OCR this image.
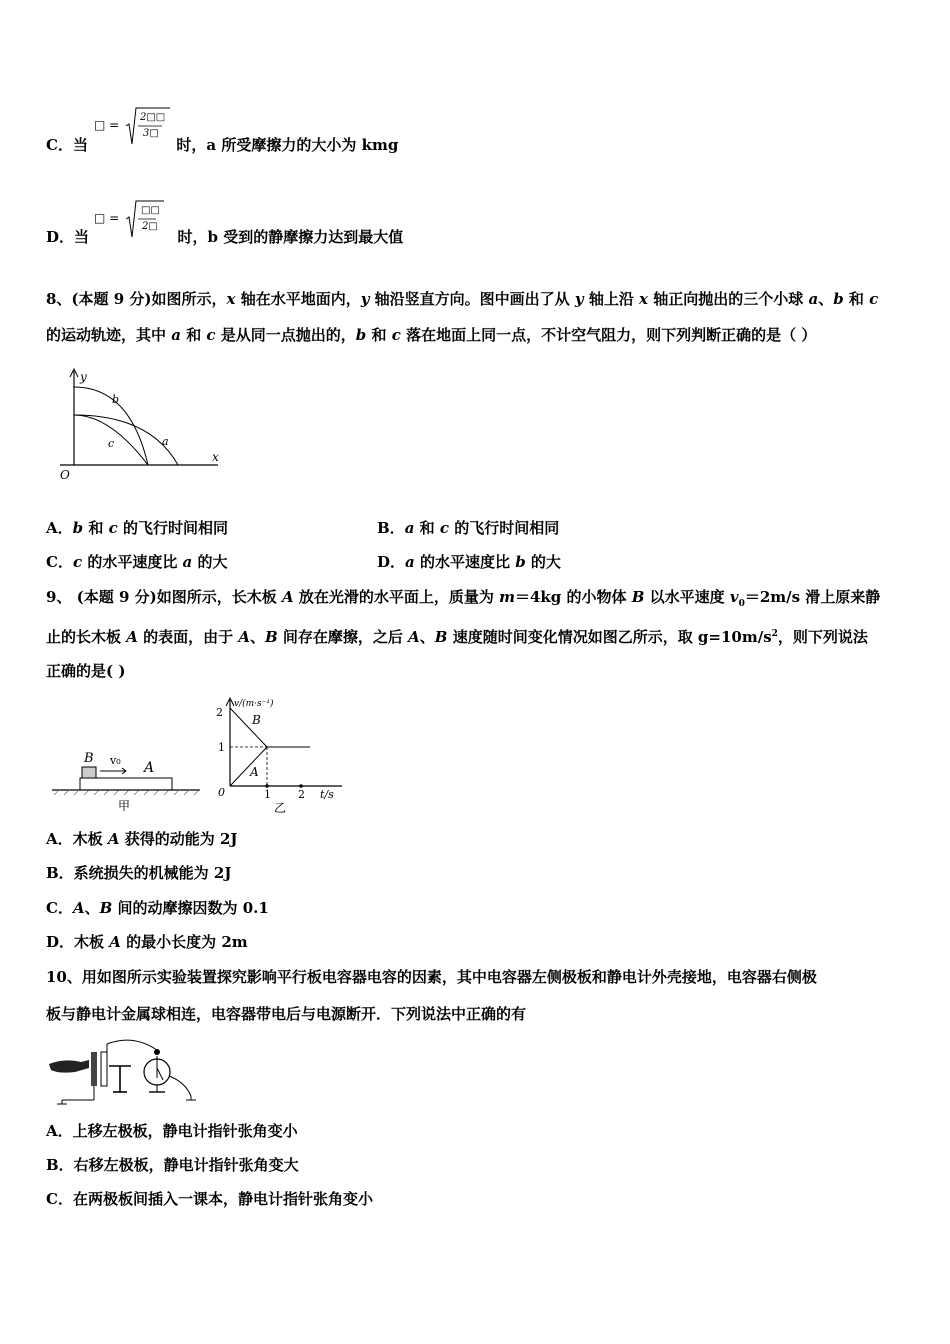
C．当	时，a 所受摩擦力的大小为 kmg
□ =
2□□
3□
D．当	时，b 受到的静摩擦力达到最大值
□ =
□□
2□
8、(本题 9 分)如图所示，x 轴在水平地面内，y 轴沿竖直方向。图中画出了从 y 轴上沿 x 轴正向抛出的三个小球 a、b 和 c
的运动轨迹，其中 a 和 c 是从同一点抛出的，b 和 c 落在地面上同一点，不计空气阻力，则下列判断正确的是（ ）
y
x
O
b
c	a
A．b 和 c 的飞行时间相同	B．a 和 c 的飞行时间相同
C．c 的水平速度比 a 的大	D．a 的水平速度比 b 的大
9、 (本题 9 分)如图所示，长木板 A 放在光滑的水平面上，质量为 m＝4kg 的小物体 B 以水平速度 $v_0=2m/s$ 滑上原来静
止的长木板 A 的表面，由于 A、B 间存在摩擦，之后 A、B 速度随时间变化情况如图乙所示，取 $g=10m/s^2$，则下列说法
正确的是( )
B v₀ A
甲
v/(m·s⁻¹)
2
1
0	1 2 t/s
B
A
乙
A．木板 A 获得的动能为 2J
B．系统损失的机械能为 2J
C．A、B 间的动摩擦因数为 0.1
D．木板 A 的最小长度为 2m
10、用如图所示实验装置探究影响平行板电容器电容的因素，其中电容器左侧极板和静电计外壳接地，电容器右侧极
板与静电计金属球相连，电容器带电后与电源断开．下列说法中正确的有
A．上移左极板，静电计指针张角变小
B．右移左极板，静电计指针张角变大
C．在两极板间插入一课本，静电计指针张角变小
